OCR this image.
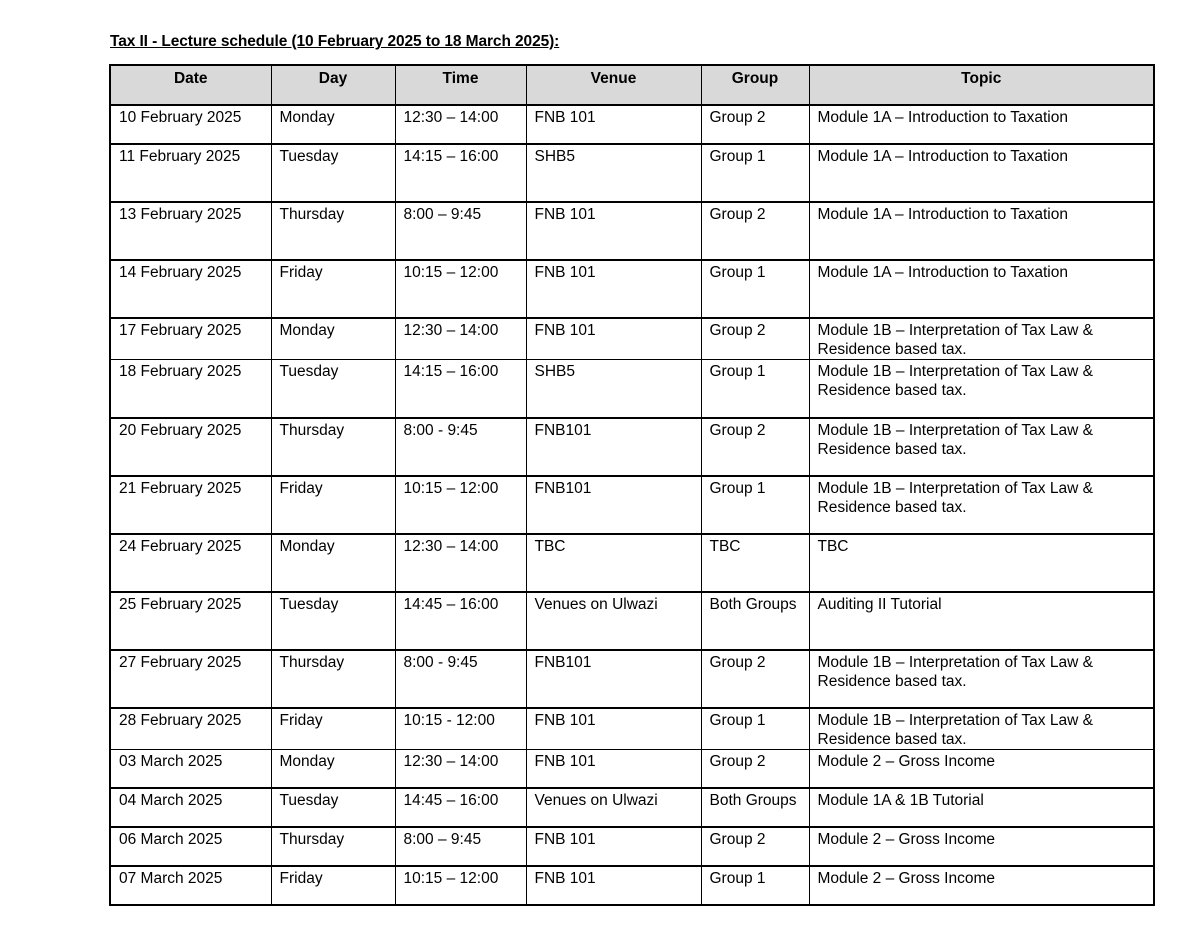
Tax II - Lecture schedule (10 February 2025 to 18 March 2025):
Date	Day	Time	Venue	Group	Topic
10 February 2025	Monday	12:30 – 14:00	FNB 101	Group 2	Module 1A – Introduction to Taxation
11 February 2025	Tuesday	14:15 – 16:00	SHB5	Group 1	Module 1A – Introduction to Taxation
13 February 2025	Thursday	8:00 – 9:45	FNB 101	Group 2	Module 1A – Introduction to Taxation
14 February 2025	Friday	10:15 – 12:00	FNB 101	Group 1	Module 1A – Introduction to Taxation
17 February 2025	Monday	12:30 – 14:00	FNB 101	Group 2	Module 1B – Interpretation of Tax Law & Residence based tax.
18 February 2025	Tuesday	14:15 – 16:00	SHB5	Group 1	Module 1B – Interpretation of Tax Law & Residence based tax.
20 February 2025	Thursday	8:00 - 9:45	FNB101	Group 2	Module 1B – Interpretation of Tax Law & Residence based tax.
21 February 2025	Friday	10:15 – 12:00	FNB101	Group 1	Module 1B – Interpretation of Tax Law & Residence based tax.
24 February 2025	Monday	12:30 – 14:00	TBC	TBC	TBC
25 February 2025	Tuesday	14:45 – 16:00	Venues on Ulwazi	Both Groups	Auditing II Tutorial
27 February 2025	Thursday	8:00 - 9:45	FNB101	Group 2	Module 1B – Interpretation of Tax Law & Residence based tax.
28 February 2025	Friday	10:15 - 12:00	FNB 101	Group 1	Module 1B – Interpretation of Tax Law & Residence based tax.
03 March 2025	Monday	12:30 – 14:00	FNB 101	Group 2	Module 2 – Gross Income
04 March 2025	Tuesday	14:45 – 16:00	Venues on Ulwazi	Both Groups	Module 1A & 1B Tutorial
06 March 2025	Thursday	8:00 – 9:45	FNB 101	Group 2	Module 2 – Gross Income
07 March 2025	Friday	10:15 – 12:00	FNB 101	Group 1	Module 2 – Gross Income
